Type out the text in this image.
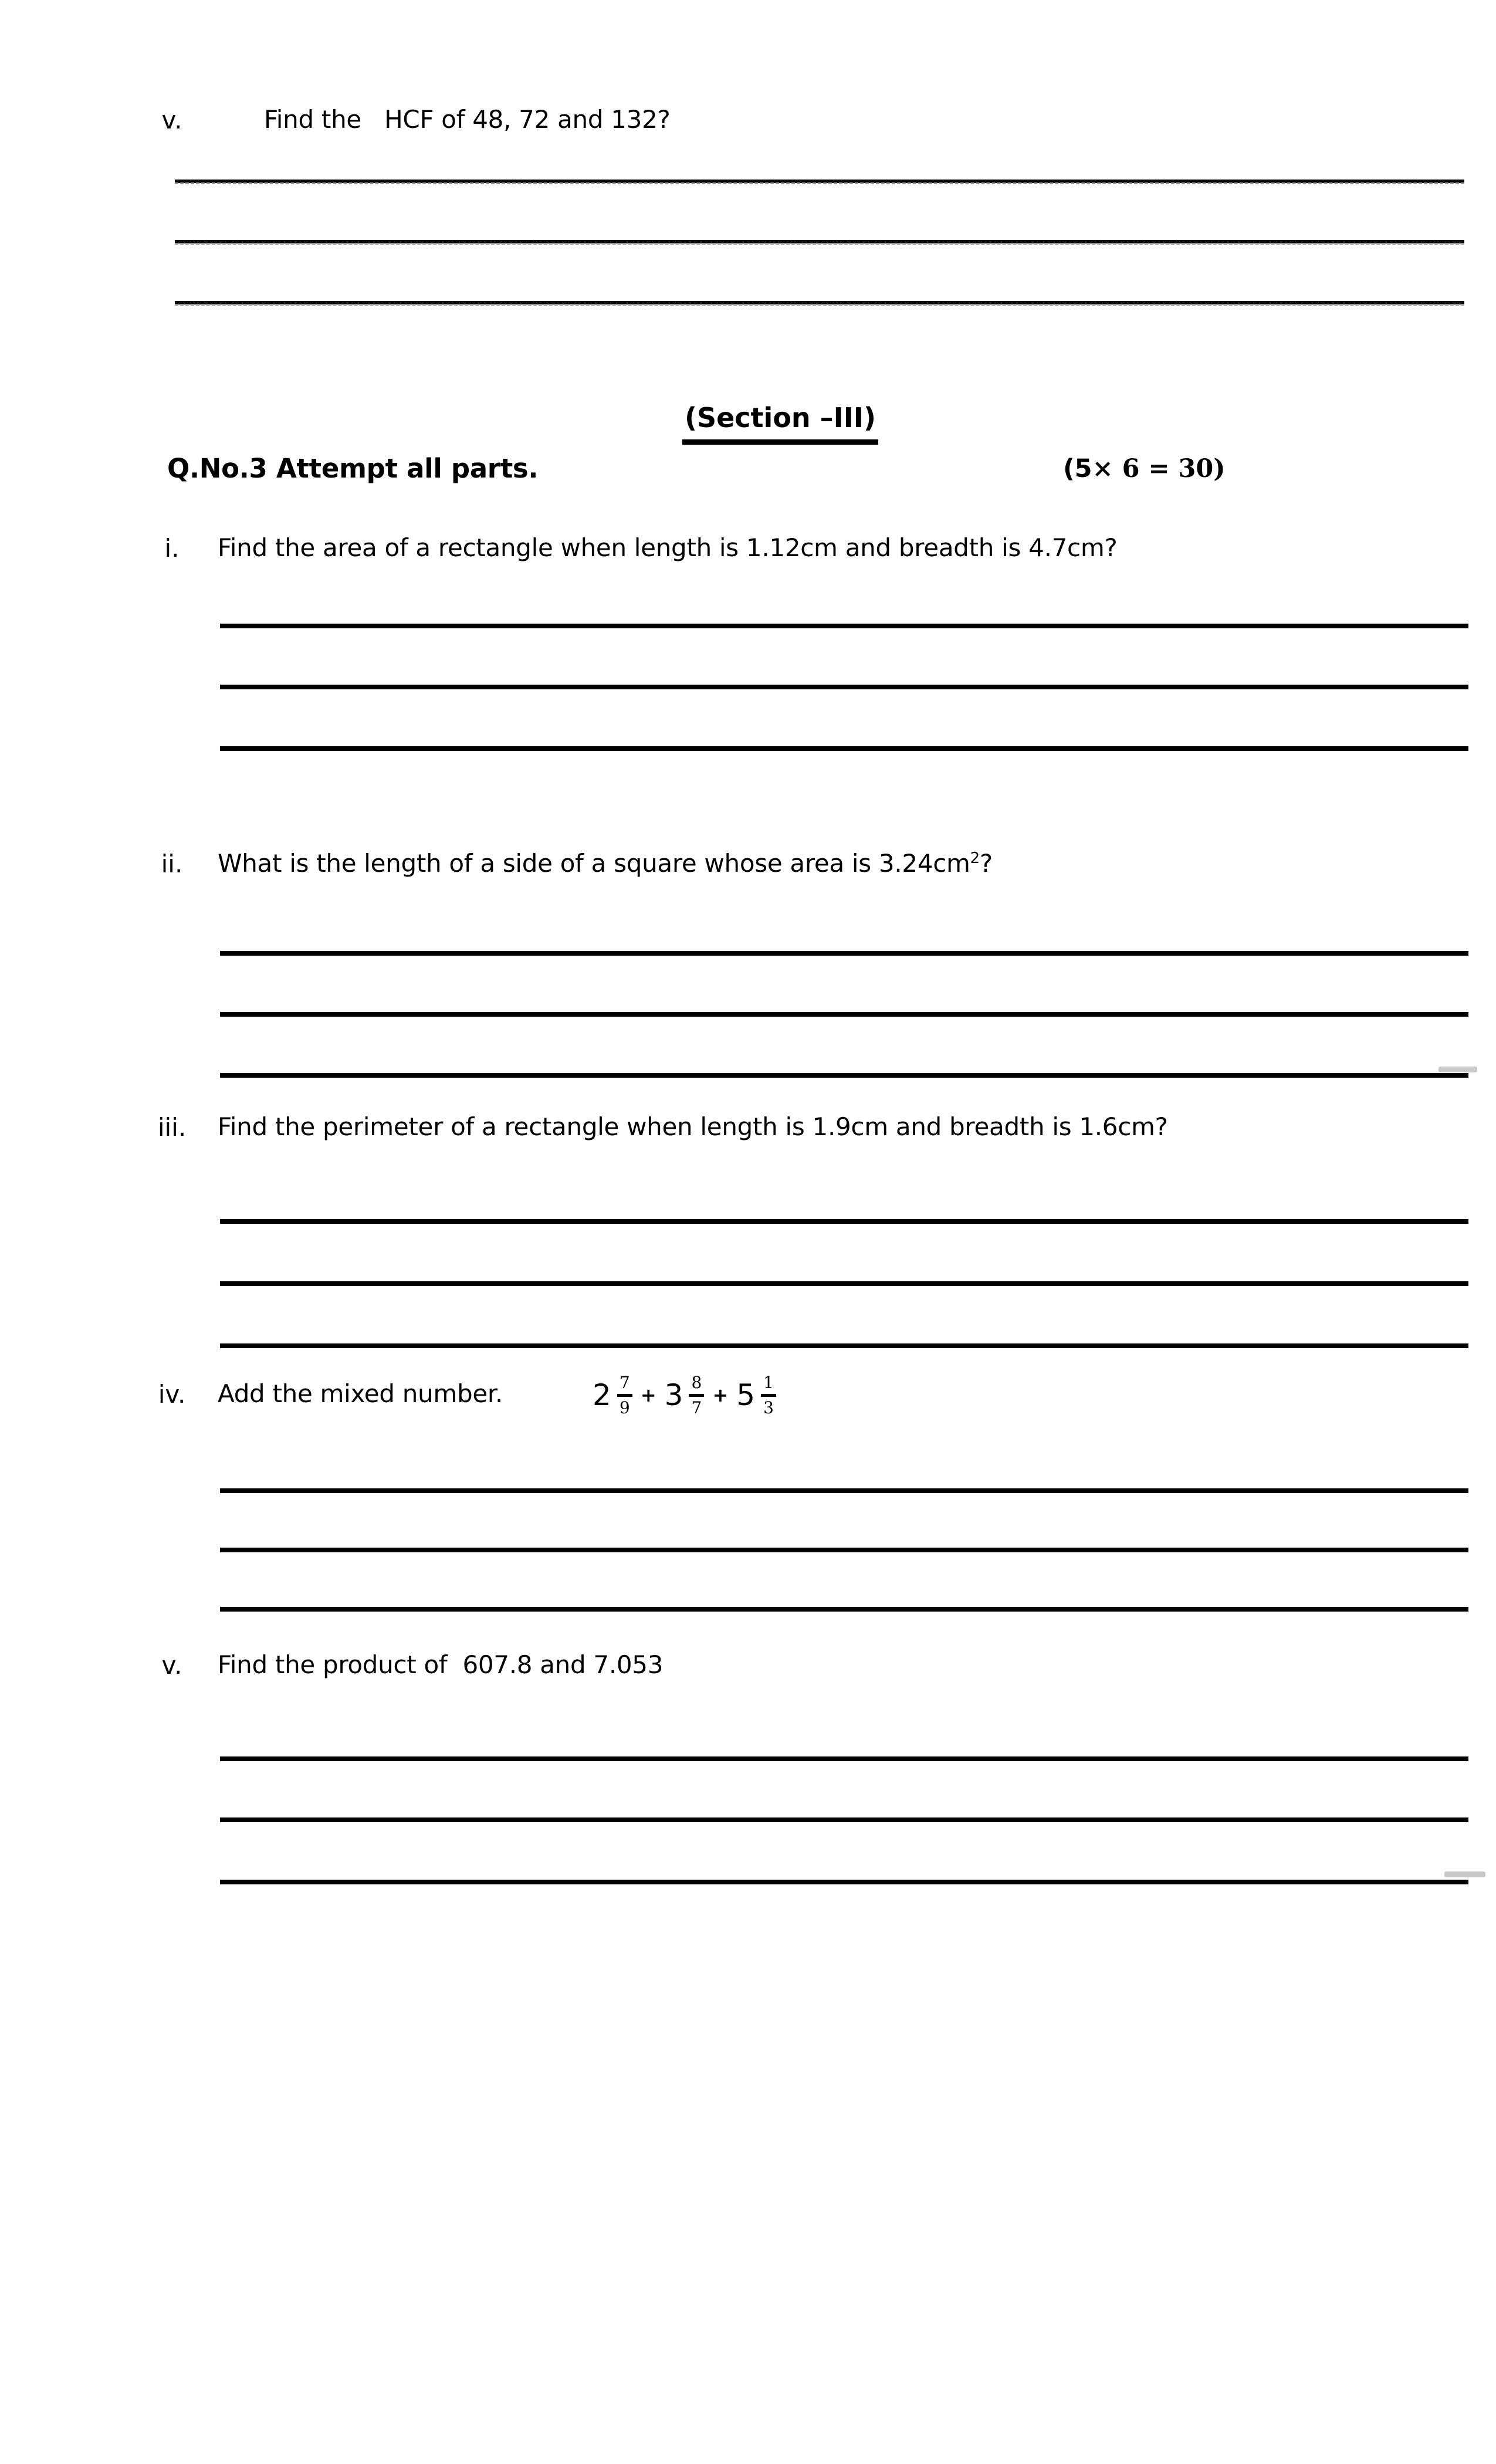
v.	Find the   HCF of 48, 72 and 132?
(Section –III)
Q.No.3 Attempt all parts.	(5× 6 = 30)
i.	Find the area of a rectangle when length is 1.12cm and breadth is 4.7cm?
ii.	What is the length of a side of a square whose area is $3.24cm^2$?
iii.	Find the perimeter of a rectangle when length is 1.9cm and breadth is 1.6cm?
iv.	Add the mixed number.	2 7
9
+ 3 8
7
+ 5 1
3
v.	Find the product of  607.8 and 7.053
